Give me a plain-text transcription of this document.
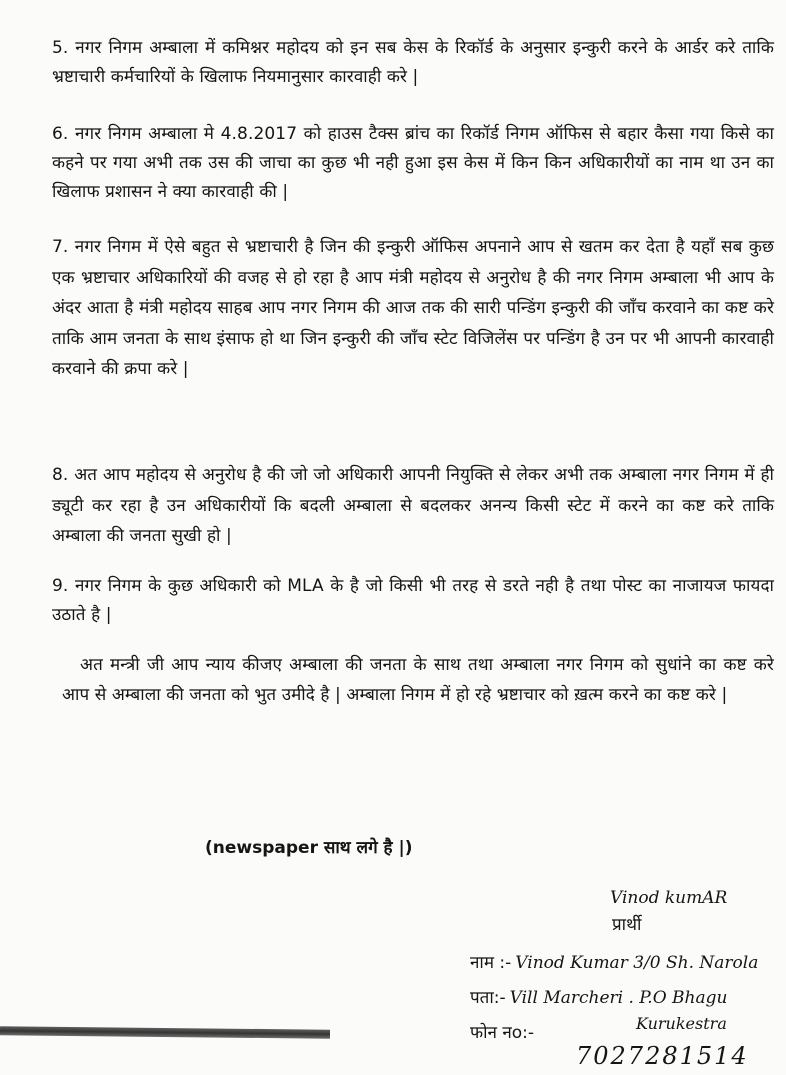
5. नगर निगम अम्बाला में कमिश्नर महोदय को इन सब केस के रिकॉर्ड के अनुसार इन्कुरी करने के आर्डर करे ताकि भ्रष्टाचारी कर्मचारियों के खिलाफ नियमानुसार कारवाही करे |

6. नगर निगम अम्बाला मे 4.8.2017 को हाउस टैक्स ब्रांच का रिकॉर्ड निगम ऑफिस से बहार कैसा गया किसे का कहने पर गया अभी तक उस की जाचा का कुछ भी नही हुआ इस केस में किन किन अधिकारीयों का नाम था उन का खिलाफ प्रशासन ने क्या कारवाही की |

7. नगर निगम में ऐसे बहुत से भ्रष्टाचारी है जिन की इन्कुरी ऑफिस अपनाने आप से खतम कर देता है यहाँ सब कुछ एक भ्रष्टाचार अधिकारियों की वजह से हो रहा है आप मंत्री महोदय से अनुरोध है की नगर निगम अम्बाला भी आप के अंदर आता है मंत्री महोदय साहब आप नगर निगम की आज तक की सारी पन्डिंग इन्कुरी की जाँच करवाने का कष्ट करे ताकि आम जनता के साथ इंसाफ हो था जिन इन्कुरी की जाँच स्टेट विजिलेंस पर पन्डिंग है उन पर भी आपनी कारवाही करवाने की क्रपा करे |

8. अत आप महोदय से अनुरोध है की जो जो अधिकारी आपनी नियुक्ति से लेकर अभी तक अम्बाला नगर निगम में ही ड्यूटी कर रहा है उन अधिकारीयों कि बदली अम्बाला से बदलकर अनन्य किसी स्टेट में करने का कष्ट करे ताकि अम्बाला की जनता सुखी हो |

9. नगर निगम के कुछ अधिकारी को MLA के है जो किसी भी तरह से डरते नही है तथा पोस्ट का नाजायज फायदा उठाते है |

अत मन्त्री जी आप न्याय कीजए अम्बाला की जनता के साथ तथा अम्बाला नगर निगम को सुधांने का कष्ट करे आप से अम्बाला की जनता को भुत उमीदे है | अम्बाला निगम में हो रहे भ्रष्टाचार को ख़त्म करने का कष्ट करे |

(newspaper साथ लगे है |)
Vinod kumAR
प्रार्थी
नाम :- Vinod Kumar 3/0 Sh. Narola
पता:- Vill Marcheri . P.O Bhagu
फोन नo:-	Kurukestra
7027281514
